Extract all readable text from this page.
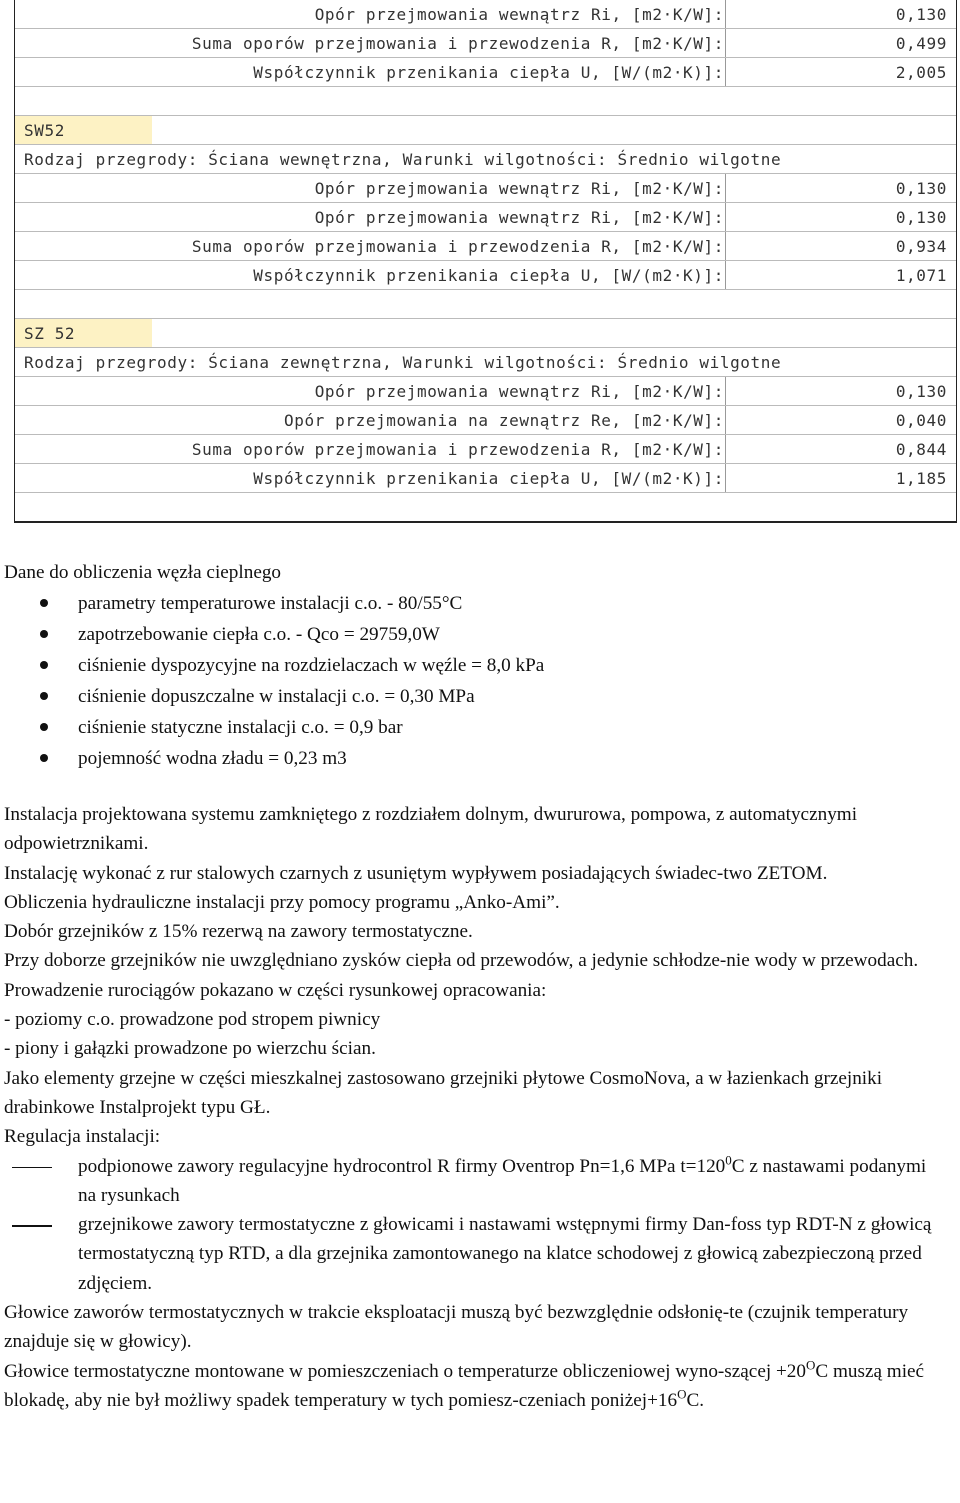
Opór przejmowania wewnątrz Ri, [m2·K/W]:	0,130
Suma oporów przejmowania i przewodzenia R, [m2·K/W]:	0,499
Współczynnik przenikania ciepła U, [W/(m2·K)]:	2,005
SW52
Rodzaj przegrody: Ściana wewnętrzna, Warunki wilgotności: Średnio wilgotne
Opór przejmowania wewnątrz Ri, [m2·K/W]:	0,130
Opór przejmowania wewnątrz Ri, [m2·K/W]:	0,130
Suma oporów przejmowania i przewodzenia R, [m2·K/W]:	0,934
Współczynnik przenikania ciepła U, [W/(m2·K)]:	1,071
SZ 52
Rodzaj przegrody: Ściana zewnętrzna, Warunki wilgotności: Średnio wilgotne
Opór przejmowania wewnątrz Ri, [m2·K/W]:	0,130
Opór przejmowania na zewnątrz Re, [m2·K/W]:	0,040
Suma oporów przejmowania i przewodzenia R, [m2·K/W]:	0,844
Współczynnik przenikania ciepła U, [W/(m2·K)]:	1,185
Dane do obliczenia węzła cieplnego
parametry temperaturowe instalacji c.o. - 80/55°C
zapotrzebowanie ciepła c.o. - Qco = 29759,0W
ciśnienie dyspozycyjne na rozdzielaczach w węźle = 8,0 kPa
ciśnienie dopuszczalne w instalacji c.o. = 0,30 MPa
ciśnienie statyczne instalacji c.o. = 0,9 bar
pojemność wodna zładu = 0,23 m3

Instalacja projektowana systemu zamkniętego z rozdziałem dolnym, dwururowa, pompowa, z automatycznymi odpowietrznikami.

Instalację wykonać z rur stalowych czarnych z usuniętym wypływem posiadających świadec-two ZETOM.

Obliczenia hydrauliczne instalacji przy pomocy programu „Anko-Ami”.

Dobór grzejników z 15% rezerwą na zawory termostatyczne.

Przy doborze grzejników nie uwzględniano zysków ciepła od przewodów, a jedynie schłodze-nie wody w przewodach.

Prowadzenie rurociągów pokazano w części rysunkowej opracowania:

- poziomy c.o. prowadzone pod stropem piwnicy

- piony i gałązki prowadzone po wierzchu ścian.

Jako elementy grzejne w części mieszkalnej zastosowano grzejniki płytowe CosmoNova, a w łazienkach grzejniki drabinkowe Instalprojekt typu GŁ.

Regulacja instalacji:

podpionowe zawory regulacyjne hydrocontrol R firmy Oventrop Pn=1,6 MPa $t=120^0C$ z nastawami podanymi na rysunkach
grzejnikowe zawory termostatyczne z głowicami i nastawami wstępnymi firmy Dan-foss typ RDT-N z głowicą termostatyczną typ RTD, a dla grzejnika zamontowanego na klatce schodowej z głowicą zabezpieczoną przed zdjęciem.

Głowice zaworów termostatycznych w trakcie eksploatacji muszą być bezwzględnie odsłonię-te (czujnik temperatury znajduje się w głowicy).

Głowice termostatyczne montowane w pomieszczeniach o temperaturze obliczeniowej wyno-szącej $+20^OC$ muszą mieć blokadę, aby nie był możliwy spadek temperatury w tych pomiesz-czeniach $poniżej+16^OC$.
